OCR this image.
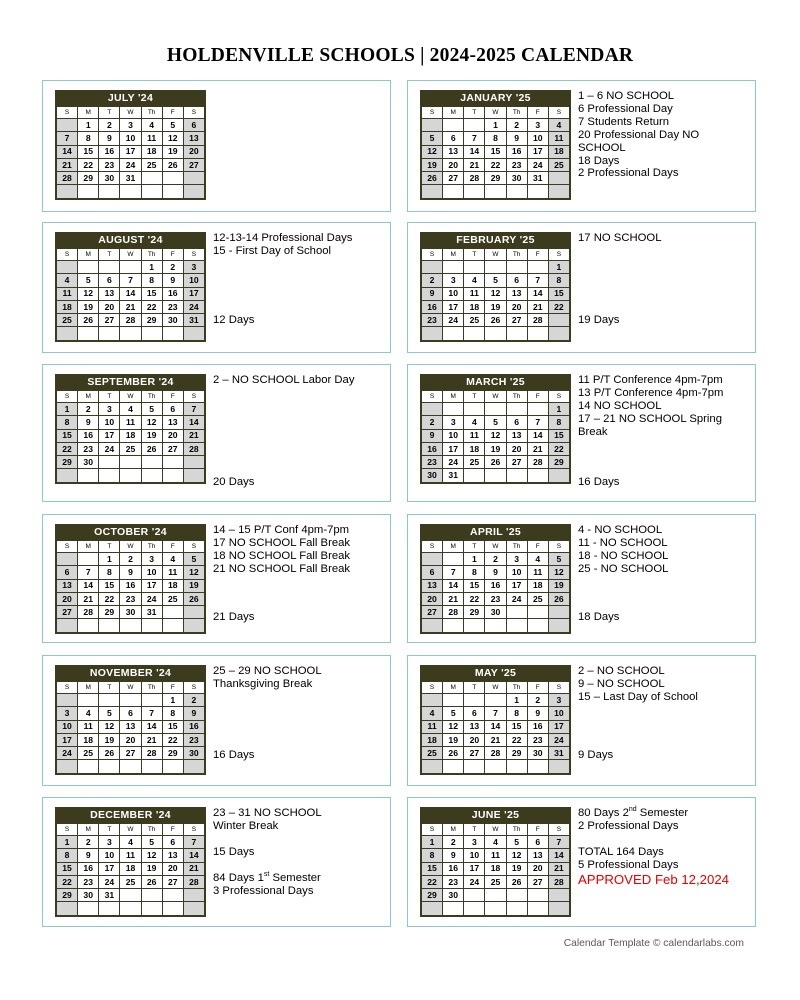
HOLDENVILLE SCHOOLS | 2024-2025 CALENDAR
JULY '24
S	M	T	W	Th	F	S
	1	2	3	4	5	6
7	8	9	10	11	12	13
14	15	16	17	18	19	20
21	22	23	24	25	26	27
28	29	30	31			

JANUARY '25
S	M	T	W	Th	F	S
			1	2	3	4
5	6	7	8	9	10	11
12	13	14	15	16	17	18
19	20	21	22	23	24	25
26	27	28	29	30	31	

1 – 6 NO SCHOOL
6 Professional Day
7 Students Return
20 Professional Day NO SCHOOL
18 Days
2 Professional Days
AUGUST '24
S	M	T	W	Th	F	S
				1	2	3
4	5	6	7	8	9	10
11	12	13	14	15	16	17
18	19	20	21	22	23	24
25	26	27	28	29	30	31

12-13-14 Professional Days
15 - First Day of School
12 Days
FEBRUARY '25
S	M	T	W	Th	F	S
						1
2	3	4	5	6	7	8
9	10	11	12	13	14	15
16	17	18	19	20	21	22
23	24	25	26	27	28	

17 NO SCHOOL
19 Days
SEPTEMBER '24
S	M	T	W	Th	F	S
1	2	3	4	5	6	7
8	9	10	11	12	13	14
15	16	17	18	19	20	21
22	23	24	25	26	27	28
29	30					

2 – NO SCHOOL Labor Day
20 Days
MARCH '25
S	M	T	W	Th	F	S
						1
2	3	4	5	6	7	8
9	10	11	12	13	14	15
16	17	18	19	20	21	22
23	24	25	26	27	28	29
30	31					
11 P/T Conference 4pm-7pm
13 P/T Conference 4pm-7pm
14 NO SCHOOL
17 – 21 NO SCHOOL Spring Break
16 Days
OCTOBER '24
S	M	T	W	Th	F	S
		1	2	3	4	5
6	7	8	9	10	11	12
13	14	15	16	17	18	19
20	21	22	23	24	25	26
27	28	29	30	31		

14 – 15 P/T Conf 4pm-7pm
17 NO SCHOOL Fall Break
18 NO SCHOOL Fall Break
21 NO SCHOOL Fall Break
21 Days
APRIL '25
S	M	T	W	Th	F	S
		1	2	3	4	5
6	7	8	9	10	11	12
13	14	15	16	17	18	19
20	21	22	23	24	25	26
27	28	29	30			

4 - NO SCHOOL
11 - NO SCHOOL
18 - NO SCHOOL
25 - NO SCHOOL
18 Days
NOVEMBER '24
S	M	T	W	Th	F	S
					1	2
3	4	5	6	7	8	9
10	11	12	13	14	15	16
17	18	19	20	21	22	23
24	25	26	27	28	29	30

25 – 29 NO SCHOOL
Thanksgiving Break
16 Days
MAY '25
S	M	T	W	Th	F	S
				1	2	3
4	5	6	7	8	9	10
11	12	13	14	15	16	17
18	19	20	21	22	23	24
25	26	27	28	29	30	31

2 – NO SCHOOL
9 – NO SCHOOL
15 – Last Day of School
9 Days
DECEMBER '24
S	M	T	W	Th	F	S
1	2	3	4	5	6	7
8	9	10	11	12	13	14
15	16	17	18	19	20	21
22	23	24	25	26	27	28
29	30	31				

23 – 31 NO SCHOOL
Winter Break
15 Days
84 Days 1st Semester
3 Professional Days
JUNE '25
S	M	T	W	Th	F	S
1	2	3	4	5	6	7
8	9	10	11	12	13	14
15	16	17	18	19	20	21
22	23	24	25	26	27	28
29	30					

80 Days 2nd Semester
2 Professional Days
TOTAL 164 Days
5 Professional Days
APPROVED Feb 12,2024
Calendar Template © calendarlabs.com
